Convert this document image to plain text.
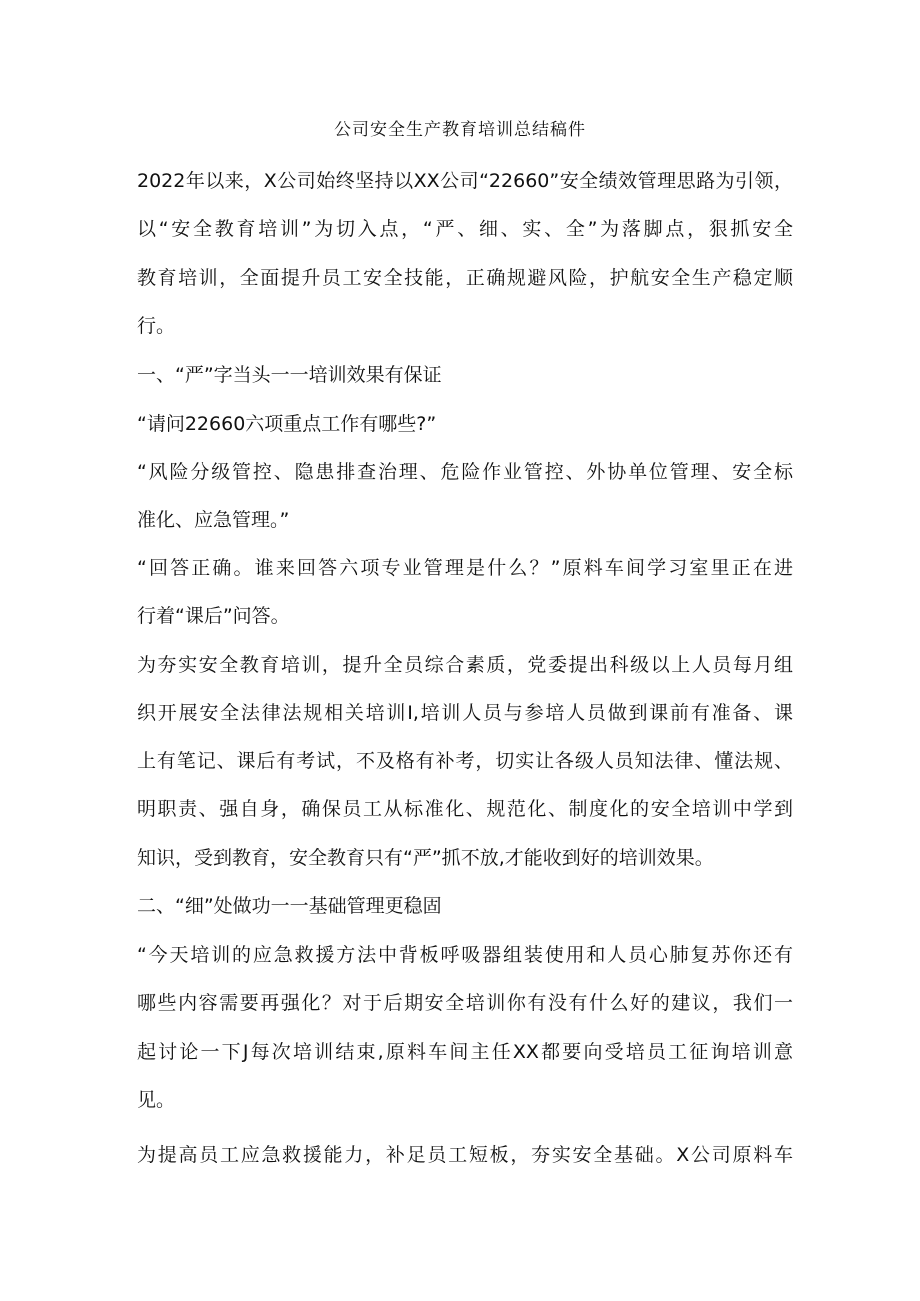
公司安全生产教育培训总结稿件

2022年以来，X公司始终坚持以XX公司“22660”安全绩效管理思路为引领，

以“安全教育培训”为切入点，“严、细、实、全”为落脚点，狠抓安全

教育培训，全面提升员工安全技能，正确规避风险，护航安全生产稳定顺

行。

一、“严”字当头一一培训效果有保证

“请问22660六项重点工作有哪些?”

“风险分级管控、隐患排查治理、危险作业管控、外协单位管理、安全标

准化、应急管理。”

“回答正确。谁来回答六项专业管理是什么？”原料车间学习室里正在进

行着“课后”问答。

为夯实安全教育培训，提升全员综合素质，党委提出科级以上人员每月组

织开展安全法律法规相关培训I,培训人员与参培人员做到课前有准备、课

上有笔记、课后有考试，不及格有补考，切实让各级人员知法律、懂法规、

明职责、强自身，确保员工从标准化、规范化、制度化的安全培训中学到

知识，受到教育，安全教育只有“严”抓不放,才能收到好的培训效果。

二、“细”处做功一一基础管理更稳固

“今天培训的应急救援方法中背板呼吸器组装使用和人员心肺复苏你还有

哪些内容需要再强化？对于后期安全培训你有没有什么好的建议，我们一

起讨论一下J每次培训结束,原料车间主任XX都要向受培员工征询培训意

见。

为提高员工应急救援能力，补足员工短板，夯实安全基础。X公司原料车
